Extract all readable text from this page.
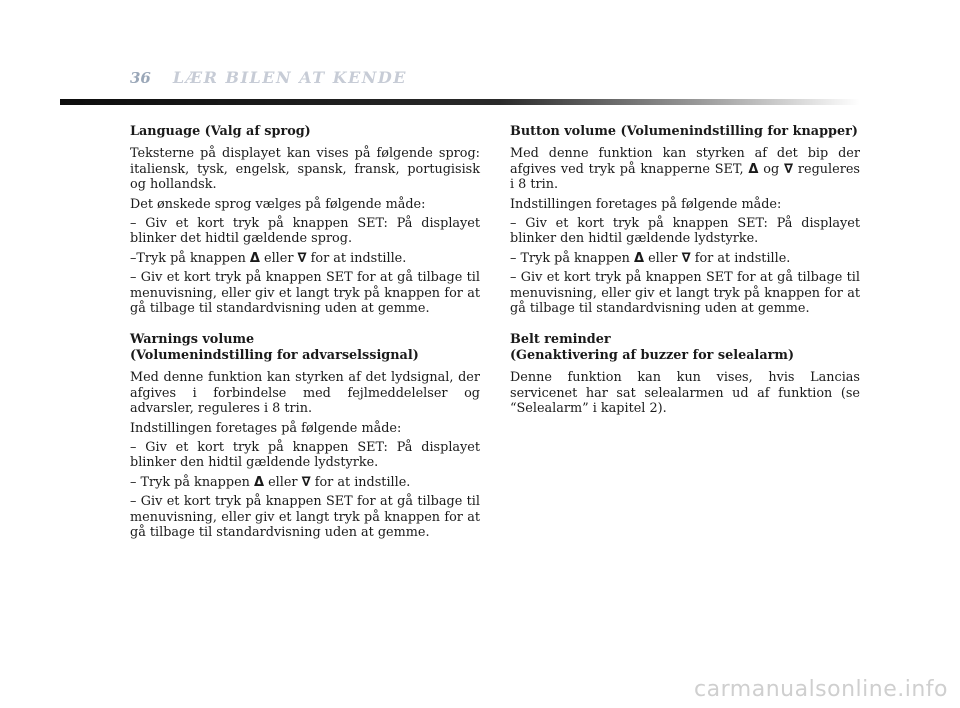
36 LÆR BILEN AT KENDE
Language (Valg af sprog)

Teksterne på displayet kan vises på følgende sprog: italiensk, tysk, engelsk, spansk, fransk, portugisisk og hollandsk.

Det ønskede sprog vælges på følgende måde:

– Giv et kort tryk på knappen SET: På displayet blinker det hidtil gældende sprog.

–Tryk på knappen Δ eller ∇ for at indstille.

– Giv et kort tryk på knappen SET for at gå tilbage til menuvisning, eller giv et langt tryk på knappen for at gå tilbage til standardvisning uden at gemme.

Warnings volume
(Volumenindstilling for advarselssignal)

Med denne funktion kan styrken af det lydsignal, der afgives i forbindelse med fejlmeddelelser og advarsler, reguleres i 8 trin.

Indstillingen foretages på følgende måde:

– Giv et kort tryk på knappen SET: På displayet blinker den hidtil gældende lydstyrke.

– Tryk på knappen Δ eller ∇ for at indstille.

– Giv et kort tryk på knappen SET for at gå tilbage til menuvisning, eller giv et langt tryk på knappen for at gå tilbage til standardvisning uden at gemme.

Button volume (Volumenindstilling for knapper)

Med denne funktion kan styrken af det bip der afgives ved tryk på knapperne SET, Δ og ∇ reguleres i 8 trin.

Indstillingen foretages på følgende måde:

– Giv et kort tryk på knappen SET: På displayet blinker den hidtil gældende lydstyrke.

– Tryk på knappen Δ eller ∇ for at indstille.

– Giv et kort tryk på knappen SET for at gå tilbage til menuvisning, eller giv et langt tryk på knappen for at gå tilbage til standardvisning uden at gemme.

Belt reminder
(Genaktivering af buzzer for selealarm)

Denne funktion kan kun vises, hvis Lancias servicenet har sat selealarmen ud af funktion (se “Selealarm” i kapitel 2).

carmanualsonline.info
